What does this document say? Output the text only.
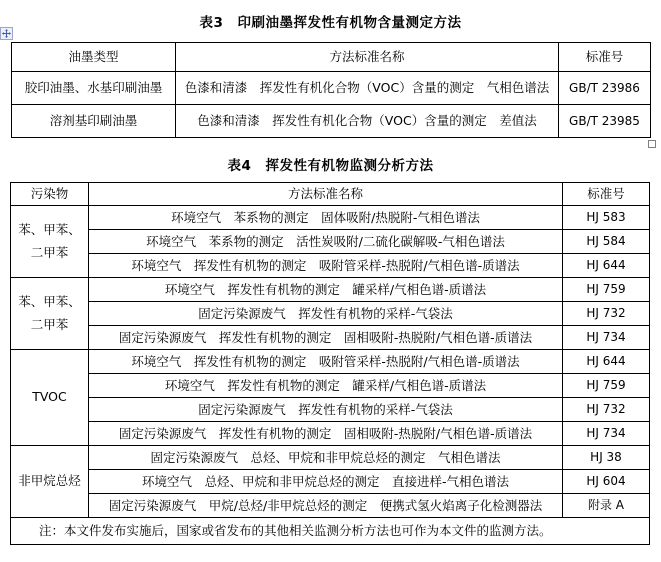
表3　印刷油墨挥发性有机物含量测定方法
油墨类型	方法标准名称	标准号
胶印油墨、水基印刷油墨	色漆和清漆　挥发性有机化合物（VOC）含量的测定　气相色谱法	GB/T 23986
溶剂基印刷油墨	色漆和清漆　挥发性有机化合物（VOC）含量的测定　差值法	GB/T 23985
表4　挥发性有机物监测分析方法
污染物	方法标准名称	标准号
苯、甲苯、二甲苯	环境空气　苯系物的测定　固体吸附/热脱附-气相色谱法	HJ 583
	环境空气　苯系物的测定　活性炭吸附/二硫化碳解吸-气相色谱法	HJ 584
	环境空气　挥发性有机物的测定　吸附管采样-热脱附/气相色谱-质谱法	HJ 644
苯、甲苯、二甲苯	环境空气　挥发性有机物的测定　罐采样/气相色谱-质谱法	HJ 759
	固定污染源废气　挥发性有机物的采样-气袋法	HJ 732
	固定污染源废气　挥发性有机物的测定　固相吸附-热脱附/气相色谱-质谱法	HJ 734
TVOC	环境空气　挥发性有机物的测定　吸附管采样-热脱附/气相色谱-质谱法	HJ 644
	环境空气　挥发性有机物的测定　罐采样/气相色谱-质谱法	HJ 759
	固定污染源废气　挥发性有机物的采样-气袋法	HJ 732
	固定污染源废气　挥发性有机物的测定　固相吸附-热脱附/气相色谱-质谱法	HJ 734
非甲烷总烃	固定污染源废气　总烃、甲烷和非甲烷总烃的测定　气相色谱法	HJ 38
	环境空气　总烃、甲烷和非甲烷总烃的测定　直接进样-气相色谱法	HJ 604
	固定污染源废气　甲烷/总烃/非甲烷总烃的测定　便携式氢火焰离子化检测器法	附录 A
注：本文件发布实施后，国家或省发布的其他相关监测分析方法也可作为本文件的监测方法。		
